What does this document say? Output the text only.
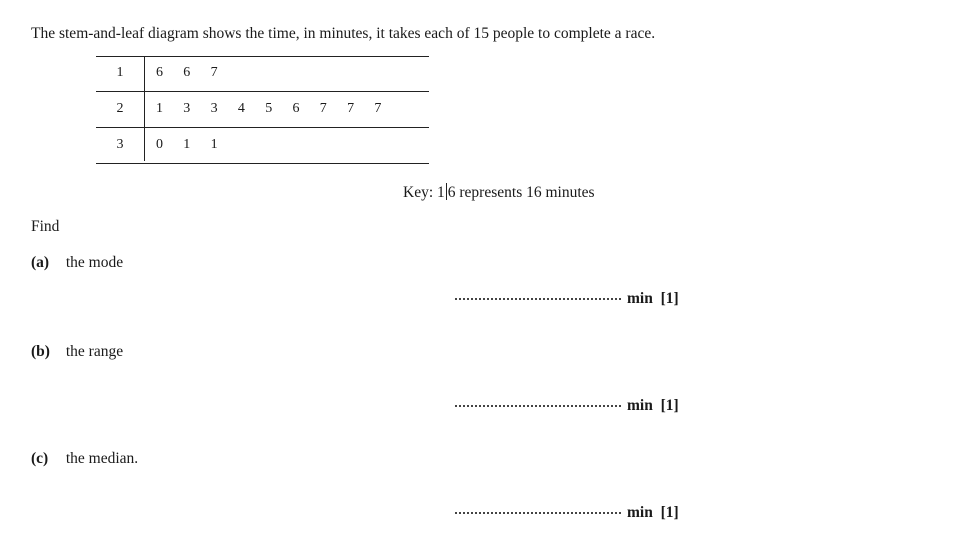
The stem-and-leaf diagram shows the time, in minutes, it takes each of 15 people to complete a race.
1	6 6 7
2	1 3 3 4 5 6 7 7 7
3	0 1 1
Key: 1 6 represents 16 minutes
Find
(a) the mode
min [1]
(b) the range
min [1]
(c) the median.
min [1]
